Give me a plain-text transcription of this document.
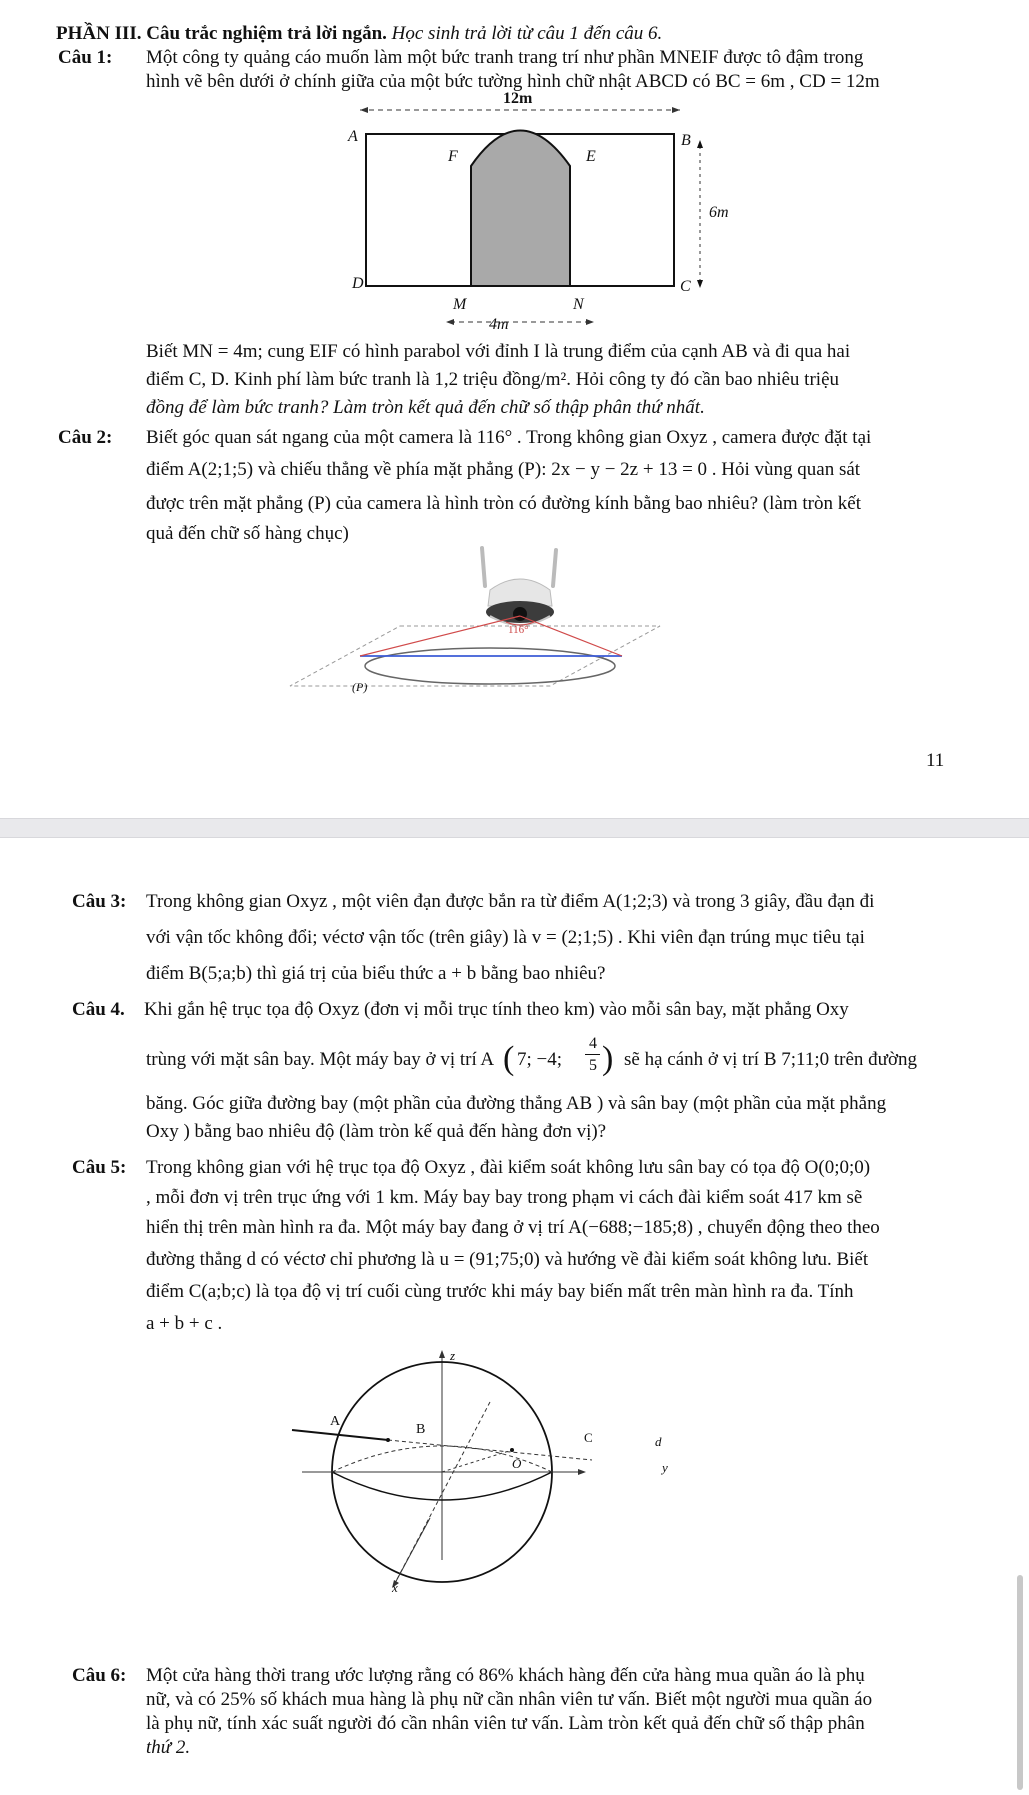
PHẦN III. Câu trắc nghiệm trả lời ngắn. Học sinh trả lời từ câu 1 đến câu 6.
Câu 1: Một công ty quảng cáo muốn làm một bức tranh trang trí như phần MNEIF được tô đậm trong
hình vẽ bên dưới ở chính giữa của một bức tường hình chữ nhật ABCD có BC = 6m , CD = 12m
12m
A	B
F	E
6m
D	C
M	N
4m
Biết MN = 4m; cung EIF có hình parabol với đỉnh I là trung điểm của cạnh AB và đi qua hai
điểm C, D. Kinh phí làm bức tranh là 1,2 triệu đồng/m². Hỏi công ty đó cần bao nhiêu triệu
đồng để làm bức tranh? Làm tròn kết quả đến chữ số thập phân thứ nhất.
Câu 2: Biết góc quan sát ngang của một camera là 116° . Trong không gian Oxyz , camera được đặt tại
điểm A(2;1;5) và chiếu thẳng về phía mặt phẳng (P): 2x − y − 2z + 13 = 0 . Hỏi vùng quan sát
được trên mặt phẳng (P) của camera là hình tròn có đường kính bằng bao nhiêu? (làm tròn kết
quả đến chữ số hàng chục)
116°
(P)
11
Câu 3: Trong không gian Oxyz , một viên đạn được bắn ra từ điểm A(1;2;3) và trong 3 giây, đầu đạn đi
với vận tốc không đổi; véctơ vận tốc (trên giây) là v = (2;1;5) . Khi viên đạn trúng mục tiêu tại
điểm B(5;a;b) thì giá trị của biểu thức a + b bằng bao nhiêu?
Câu 4. Khi gắn hệ trục tọa độ Oxyz (đơn vị mỗi trục tính theo km) vào mỗi sân bay, mặt phẳng Oxy
trùng với mặt sân bay. Một máy bay ở vị trí A ( 7; −4;
4
5 ) sẽ hạ cánh ở vị trí B 7;11;0 trên đường
băng. Góc giữa đường bay (một phần của đường thẳng AB ) và sân bay (một phần của mặt phẳng
Oxy ) bằng bao nhiêu độ (làm tròn kế quả đến hàng đơn vị)?
Câu 5: Trong không gian với hệ trục tọa độ Oxyz , đài kiểm soát không lưu sân bay có tọa độ O(0;0;0)
, mỗi đơn vị trên trục ứng với 1 km. Máy bay bay trong phạm vi cách đài kiểm soát 417 km sẽ
hiển thị trên màn hình ra đa. Một máy bay đang ở vị trí A(−688;−185;8) , chuyển động theo theo
đường thẳng d có véctơ chỉ phương là u = (91;75;0) và hướng về đài kiểm soát không lưu. Biết
điểm C(a;b;c) là tọa độ vị trí cuối cùng trước khi máy bay biến mất trên màn hình ra đa. Tính
a + b + c .
z
A
B
C	d
O	y
x
Câu 6: Một cửa hàng thời trang ước lượng rằng có 86% khách hàng đến cửa hàng mua quần áo là phụ
nữ, và có 25% số khách mua hàng là phụ nữ cần nhân viên tư vấn. Biết một người mua quần áo
là phụ nữ, tính xác suất người đó cần nhân viên tư vấn. Làm tròn kết quả đến chữ số thập phân
thứ 2.
